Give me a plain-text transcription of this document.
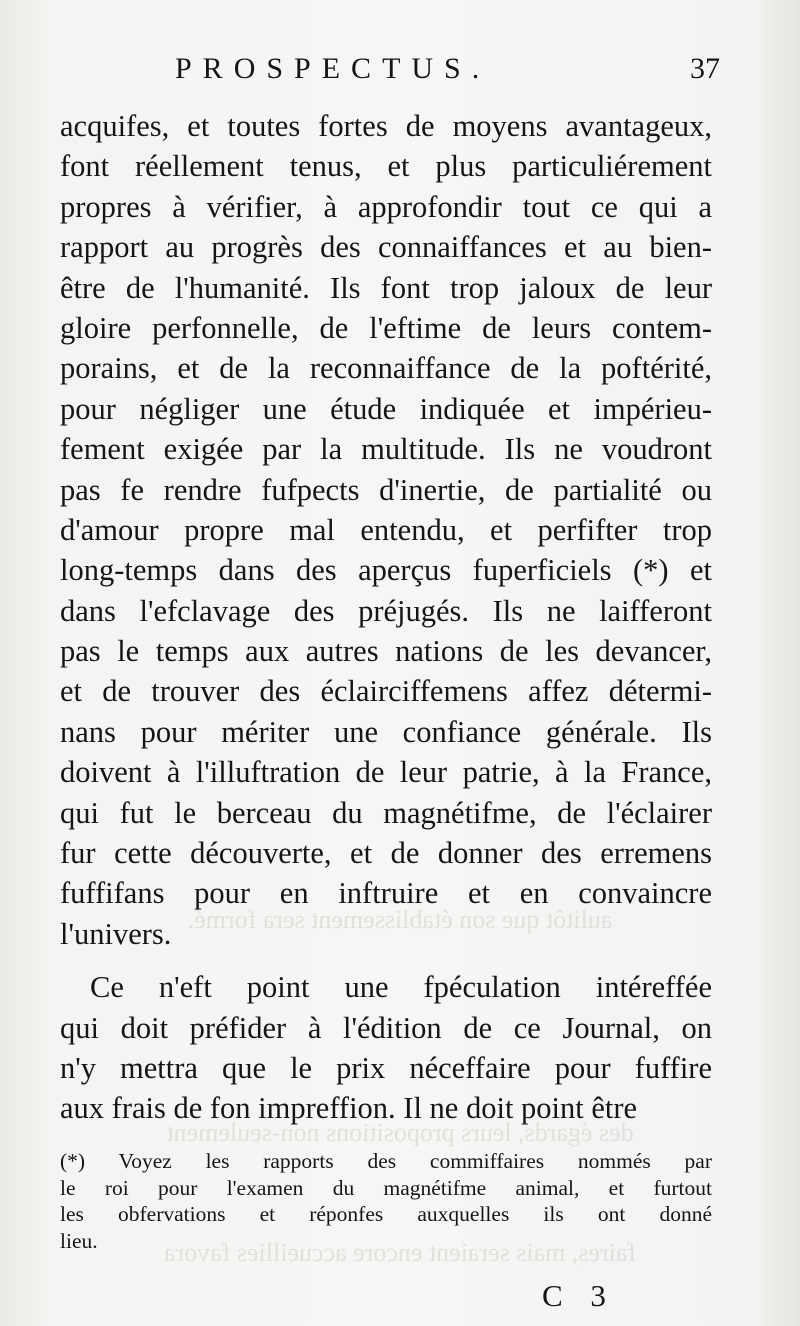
aulitôt que son établissement sera formé.
des égards, leurs propositions non-seulement
faires, mais seraient encore accueillies favora
PROSPECTUS.	37
acquifes, et toutes fortes de moyens avantageux,
font réellement tenus, et plus particuliérement
propres à vérifier, à approfondir tout ce qui a
rapport au progrès des connaiffances et au bien-
être de l'humanité. Ils font trop jaloux de leur
gloire perfonnelle, de l'eftime de leurs contem-
porains, et de la reconnaiffance de la poftérité,
pour négliger une étude indiquée et impérieu-
fement exigée par la multitude. Ils ne voudront
pas fe rendre fufpects d'inertie, de partialité ou
d'amour propre mal entendu, et perfifter trop
long-temps dans des aperçus fuperficiels (*) et
dans l'efclavage des préjugés. Ils ne laifferont
pas le temps aux autres nations de les devancer,
et de trouver des éclairciffemens affez détermi-
nans pour mériter une confiance générale. Ils
doivent à l'illuftration de leur patrie, à la France,
qui fut le berceau du magnétifme, de l'éclairer
fur cette découverte, et de donner des erremens
fuffifans pour en inftruire et en convaincre
l'univers.
Ce n'eft point une fpéculation intéreffée
qui doit préfider à l'édition de ce Journal, on
n'y mettra que le prix néceffaire pour fuffire
aux frais de fon impreffion. Il ne doit point être
(*) Voyez les rapports des commiffaires nommés par
le roi pour l'examen du magnétifme animal, et furtout
les obfervations et réponfes auxquelles ils ont donné
lieu.
C 3
